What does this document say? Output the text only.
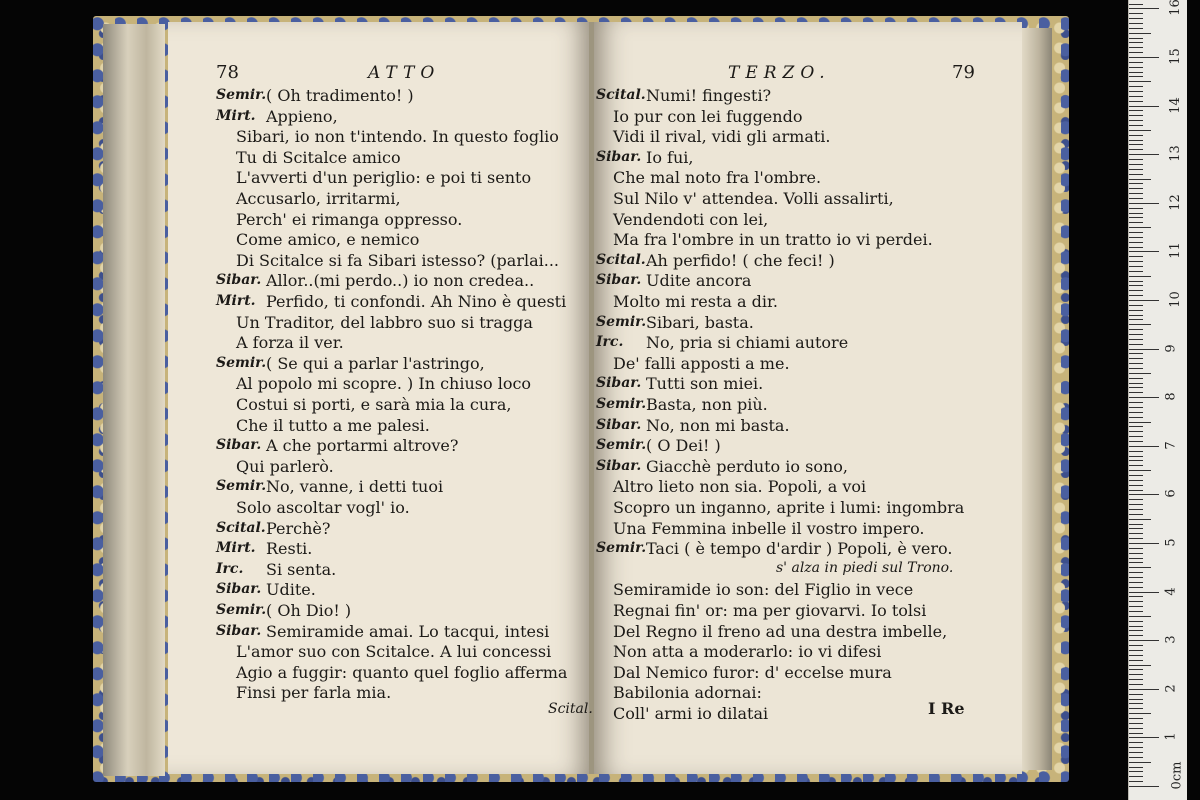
78	ATTO	TERZO.	79
Semir. ( Oh tradimento! )
Mirt. Appieno,
Sibari, io non t'intendo. In questo foglio
Tu di Scitalce amico
L'avverti d'un periglio: e poi ti sento
Accusarlo, irritarmi,
Perch' ei rimanga oppresso.
Come amico, e nemico
Di Scitalce si fa Sibari istesso? (parlai...
Sibar. Allor..(mi perdo..) io non credea..
Mirt. Perfido, ti confondi. Ah Nino è questi
Un Traditor, del labbro suo si tragga
A forza il ver.
Semir. ( Se qui a parlar l'astringo,
Al popolo mi scopre. ) In chiuso loco
Costui si porti, e sarà mia la cura,
Che il tutto a me palesi.
Sibar. A che portarmi altrove?
Qui parlerò.
Semir. No, vanne, i detti tuoi
Solo ascoltar vogl' io.
Scital. Perchè?
Mirt. Resti.
Irc. Si senta.
Sibar. Udite.
Semir. ( Oh Dio! )
Sibar. Semiramide amai. Lo tacqui, intesi
L'amor suo con Scitalce. A lui concessi
Agio a fuggir: quanto quel foglio afferma
Finsi per farla mia.
Scital.
Scital. Numi! fingesti?
Io pur con lei fuggendo
Vidi il rival, vidi gli armati.
Sibar. Io fui,
Che mal noto fra l'ombre.
Sul Nilo v' attendea. Volli assalirti,
Vendendoti con lei,
Ma fra l'ombre in un tratto io vi perdei.
Scital. Ah perfido! ( che feci! )
Sibar. Udite ancora
Molto mi resta a dir.
Semir. Sibari, basta.
Irc. No, pria si chiami autore
De' falli apposti a me.
Sibar. Tutti son miei.
Semir. Basta, non più.
Sibar. No, non mi basta.
Semir. ( O Dei! )
Sibar. Giacchè perduto io sono,
Altro lieto non sia. Popoli, a voi
Scopro un inganno, aprite i lumi: ingombra
Una Femmina inbelle il vostro impero.
Semir. Taci ( è tempo d'ardir ) Popoli, è vero.
s' alza in piedi sul Trono.
Semiramide io son: del Figlio in vece
Regnai fin' or: ma per giovarvi. Io tolsi
Del Regno il freno ad una destra imbelle,
Non atta a moderarlo: io vi difesi
Dal Nemico furor: d' eccelse mura
Babilonia adornai:
Coll' armi io dilatai	I Re
0cm
1
2
3
4
5
6
7
8
9
10
11
12
13
14
15
16
